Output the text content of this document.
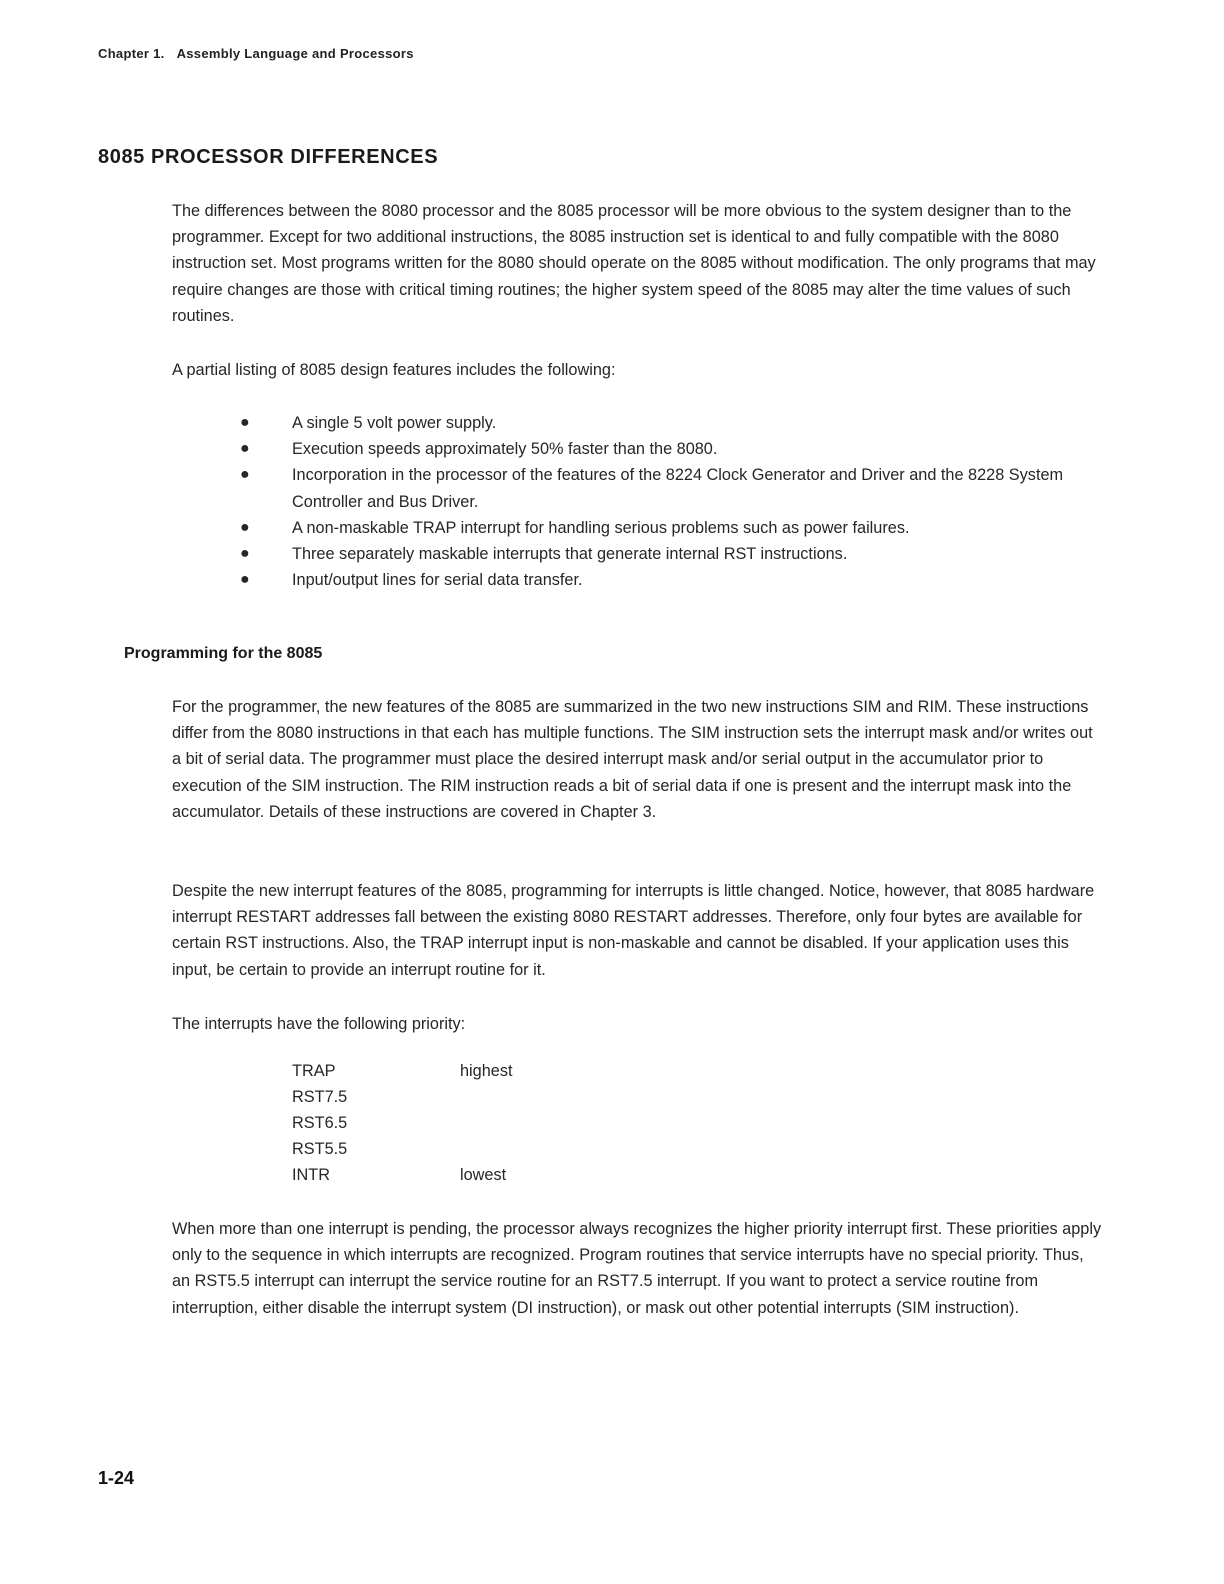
Chapter 1. Assembly Language and Processors
8085 PROCESSOR DIFFERENCES

The differences between the 8080 processor and the 8085 processor will be more obvious to the system designer than to the programmer. Except for two additional instructions, the 8085 instruction set is identical to and fully compatible with the 8080 instruction set. Most programs written for the 8080 should operate on the 8085 without modification. The only programs that may require changes are those with critical timing routines; the higher system speed of the 8085 may alter the time values of such routines.

A partial listing of 8085 design features includes the following:

●	A single 5 volt power supply.
●	Execution speeds approximately 50% faster than the 8080.
●	Incorporation in the processor of the features of the 8224 Clock Generator and Driver and the 8228 System Controller and Bus Driver.
●	A non-maskable TRAP interrupt for handling serious problems such as power failures.
●	Three separately maskable interrupts that generate internal RST instructions.
●	Input/output lines for serial data transfer.
Programming for the 8085

For the programmer, the new features of the 8085 are summarized in the two new instructions SIM and RIM. These instructions differ from the 8080 instructions in that each has multiple functions. The SIM instruction sets the interrupt mask and/or writes out a bit of serial data. The programmer must place the desired interrupt mask and/or serial output in the accumulator prior to execution of the SIM instruction. The RIM instruction reads a bit of serial data if one is present and the interrupt mask into the accumulator. Details of these instructions are covered in Chapter 3.

Despite the new interrupt features of the 8085, programming for interrupts is little changed. Notice, however, that 8085 hardware interrupt RESTART addresses fall between the existing 8080 RESTART addresses. Therefore, only four bytes are available for certain RST instructions. Also, the TRAP interrupt input is non-maskable and cannot be disabled. If your application uses this input, be certain to provide an interrupt routine for it.

The interrupts have the following priority:

TRAP	highest
RST7.5	
RST6.5	
RST5.5	
INTR	lowest

When more than one interrupt is pending, the processor always recognizes the higher priority interrupt first. These priorities apply only to the sequence in which interrupts are recognized. Program routines that service interrupts have no special priority. Thus, an RST5.5 interrupt can interrupt the service routine for an RST7.5 interrupt. If you want to protect a service routine from interruption, either disable the interrupt system (DI instruction), or mask out other potential interrupts (SIM instruction).

1-24
